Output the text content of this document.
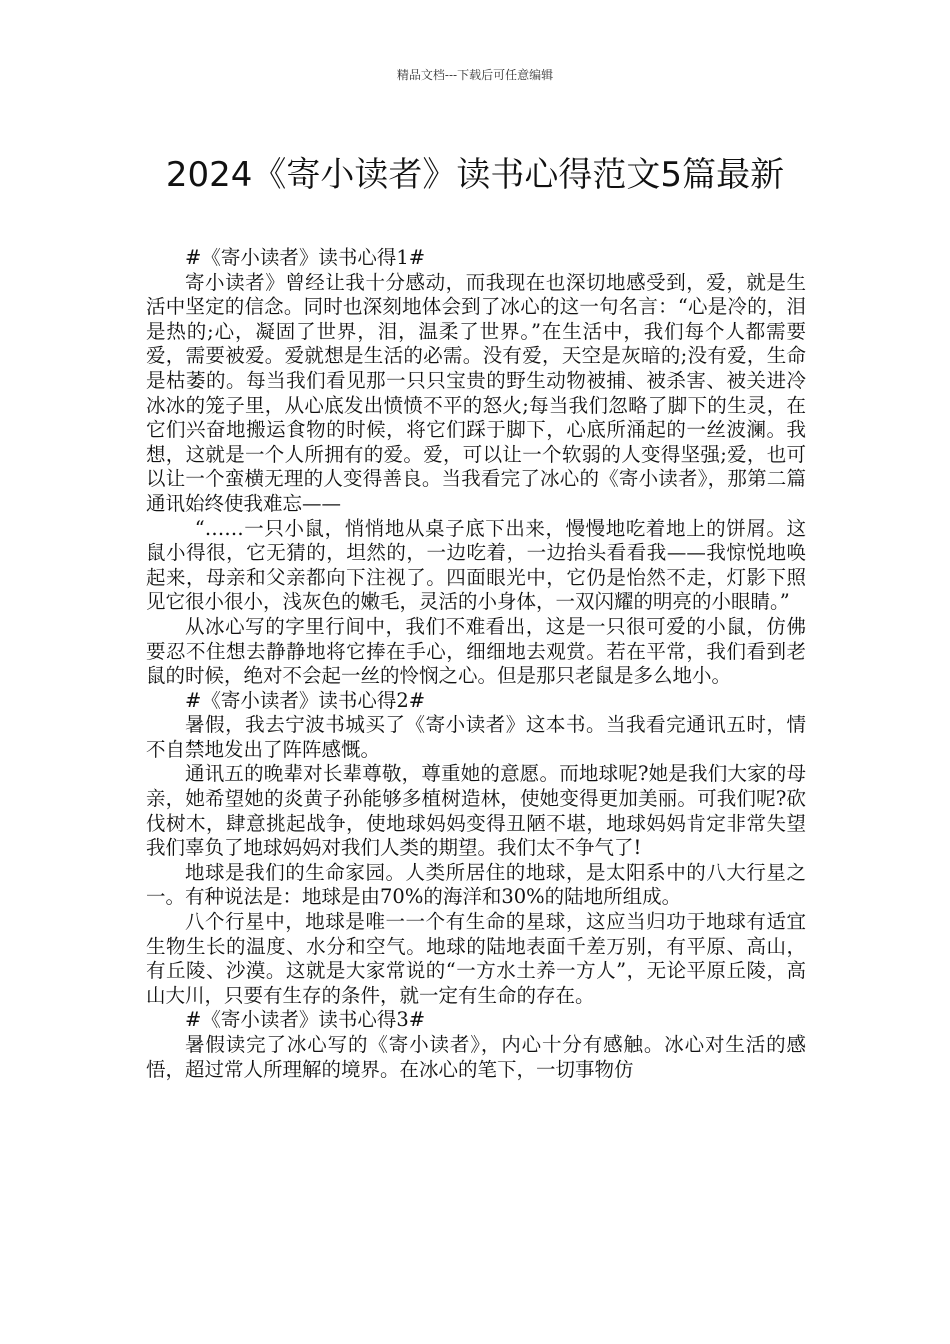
精品文档---下载后可任意编辑
2024《寄小读者》读书心得范文5篇最新

#《寄小读者》读书心得1#

寄小读者》曾经让我十分感动，而我现在也深切地感受到，爱，就是生活中坚定的信念。同时也深刻地体会到了冰心的这一句名言：“心是冷的，泪是热的;心，凝固了世界，泪，温柔了世界。”在生活中，我们每个人都需要爱，需要被爱。爱就想是生活的必需。没有爱，天空是灰暗的;没有爱，生命是枯萎的。每当我们看见那一只只宝贵的野生动物被捕、被杀害、被关进冷冰冰的笼子里，从心底发出愤愤不平的怒火;每当我们忽略了脚下的生灵，在它们兴奋地搬运食物的时候，将它们踩于脚下，心底所涌起的一丝波澜。我想，这就是一个人所拥有的爱。爱，可以让一个软弱的人变得坚强;爱，也可以让一个蛮横无理的人变得善良。当我看完了冰心的《寄小读者》，那第二篇通讯始终使我难忘——

“……一只小鼠，悄悄地从桌子底下出来，慢慢地吃着地上的饼屑。这鼠小得很，它无猜的，坦然的，一边吃着，一边抬头看看我——我惊悦地唤起来，母亲和父亲都向下注视了。四面眼光中，它仍是怡然不走，灯影下照见它很小很小，浅灰色的嫩毛，灵活的小身体，一双闪耀的明亮的小眼睛。”

从冰心写的字里行间中，我们不难看出，这是一只很可爱的小鼠，仿佛要忍不住想去静静地将它捧在手心，细细地去观赏。若在平常，我们看到老鼠的时候，绝对不会起一丝的怜悯之心。但是那只老鼠是多么地小。

#《寄小读者》读书心得2#

暑假，我去宁波书城买了《寄小读者》这本书。当我看完通讯五时，情不自禁地发出了阵阵感慨。

通讯五的晚辈对长辈尊敬，尊重她的意愿。而地球呢?她是我们大家的母亲，她希望她的炎黄子孙能够多植树造林，使她变得更加美丽。可我们呢?砍伐树木，肆意挑起战争，使地球妈妈变得丑陋不堪，地球妈妈肯定非常失望我们辜负了地球妈妈对我们人类的期望。我们太不争气了!

地球是我们的生命家园。人类所居住的地球，是太阳系中的八大行星之一。有种说法是：地球是由70%的海洋和30%的陆地所组成。

八个行星中，地球是唯一一个有生命的星球，这应当归功于地球有适宜生物生长的温度、水分和空气。地球的陆地表面千差万别，有平原、高山，有丘陵、沙漠。这就是大家常说的“一方水土养一方人”，无论平原丘陵，高山大川，只要有生存的条件，就一定有生命的存在。

#《寄小读者》读书心得3#

暑假读完了冰心写的《寄小读者》，内心十分有感触。冰心对生活的感悟，超过常人所理解的境界。在冰心的笔下，一切事物仿
